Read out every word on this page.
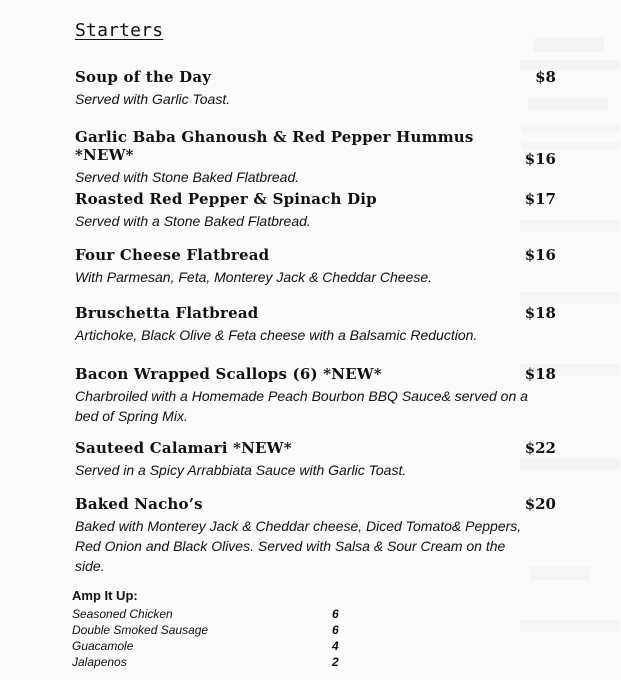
Starters
Soup of the Day	$8
Served with Garlic Toast.
Garlic Baba Ghanoush & Red Pepper Hummus *NEW*	$16
Served with Stone Baked Flatbread.
Roasted Red Pepper & Spinach Dip	$17
Served with a Stone Baked Flatbread.
Four Cheese Flatbread	$16
With Parmesan, Feta, Monterey Jack & Cheddar Cheese.
Bruschetta Flatbread	$18
Artichoke, Black Olive & Feta cheese with a Balsamic Reduction.
Bacon Wrapped Scallops (6) *NEW*	$18
Charbroiled with a Homemade Peach Bourbon BBQ Sauce& served on a bed of Spring Mix.
Sauteed Calamari *NEW*	$22
Served in a Spicy Arrabbiata Sauce with Garlic Toast.
Baked Nacho’s	$20
Baked with Monterey Jack & Cheddar cheese, Diced Tomato& Peppers, Red Onion and Black Olives. Served with Salsa & Sour Cream on the side.
Amp It Up:
Seasoned Chicken	6
Double Smoked Sausage	6
Guacamole	4
Jalapenos	2
